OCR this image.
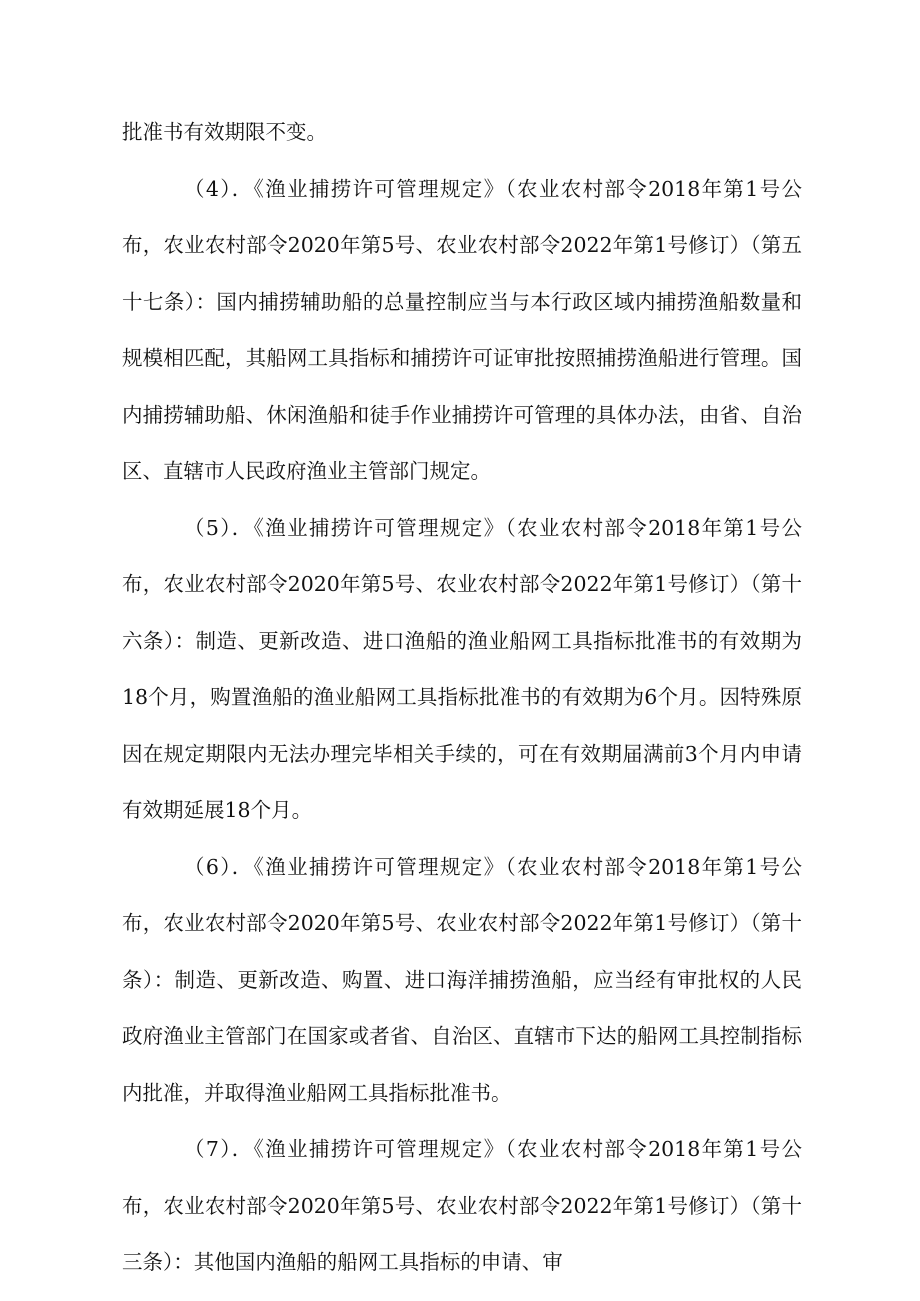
批准书有效期限不变。

（4）．《渔业捕捞许可管理规定》（农业农村部令2018年第1号公布，农业农村部令2020年第5号、农业农村部令2022年第1号修订）（第五十七条）：国内捕捞辅助船的总量控制应当与本行政区域内捕捞渔船数量和规模相匹配，其船网工具指标和捕捞许可证审批按照捕捞渔船进行管理。国内捕捞辅助船、休闲渔船和徒手作业捕捞许可管理的具体办法，由省、自治区、直辖市人民政府渔业主管部门规定。

（5）．《渔业捕捞许可管理规定》（农业农村部令2018年第1号公布，农业农村部令2020年第5号、农业农村部令2022年第1号修订）（第十六条）：制造、更新改造、进口渔船的渔业船网工具指标批准书的有效期为18个月，购置渔船的渔业船网工具指标批准书的有效期为6个月。因特殊原因在规定期限内无法办理完毕相关手续的，可在有效期届满前3个月内申请有效期延展18个月。

（6）．《渔业捕捞许可管理规定》（农业农村部令2018年第1号公布，农业农村部令2020年第5号、农业农村部令2022年第1号修订）（第十条）：制造、更新改造、购置、进口海洋捕捞渔船，应当经有审批权的人民政府渔业主管部门在国家或者省、自治区、直辖市下达的船网工具控制指标内批准，并取得渔业船网工具指标批准书。

（7）．《渔业捕捞许可管理规定》（农业农村部令2018年第1号公布，农业农村部令2020年第5号、农业农村部令2022年第1号修订）（第十三条）：其他国内渔船的船网工具指标的申请、审
